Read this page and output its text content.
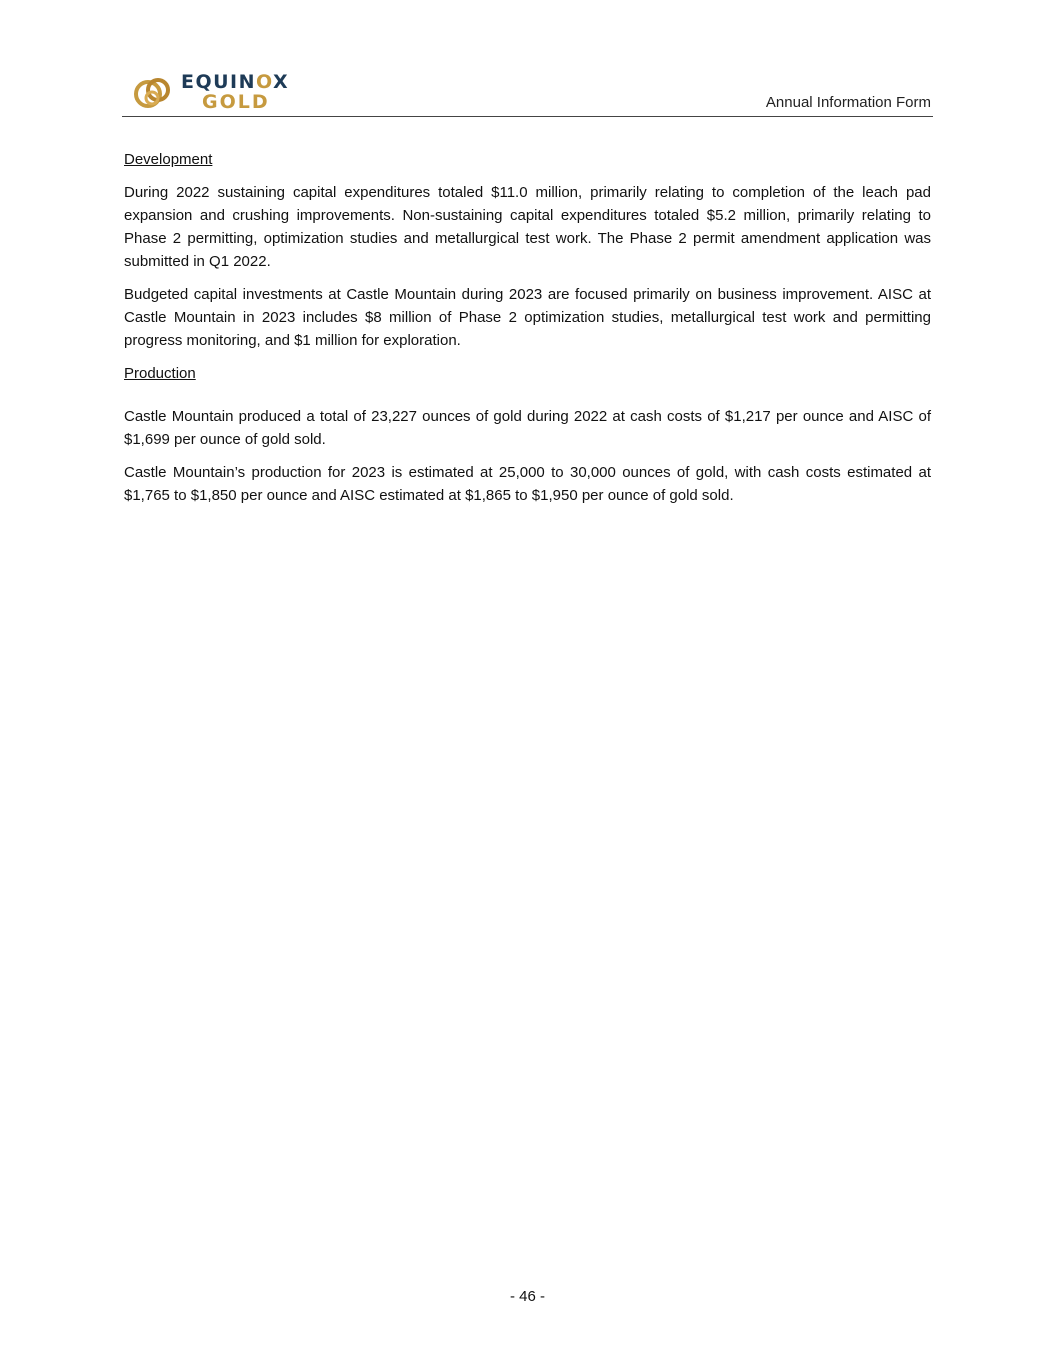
EQUINOX
GOLD	Annual Information Form
Development

During 2022 sustaining capital expenditures totaled $11.0 million, primarily relating to completion of the leach pad expansion and crushing improvements. Non-sustaining capital expenditures totaled $5.2 million, primarily relating to Phase 2 permitting, optimization studies and metallurgical test work. The Phase 2 permit amendment application was submitted in Q1 2022.

Budgeted capital investments at Castle Mountain during 2023 are focused primarily on business improvement. AISC at Castle Mountain in 2023 includes $8 million of Phase 2 optimization studies, metallurgical test work and permitting progress monitoring, and $1 million for exploration.

Production

Castle Mountain produced a total of 23,227 ounces of gold during 2022 at cash costs of $1,217 per ounce and AISC of $1,699 per ounce of gold sold.

Castle Mountain’s production for 2023 is estimated at 25,000 to 30,000 ounces of gold, with cash costs estimated at $1,765 to $1,850 per ounce and AISC estimated at $1,865 to $1,950 per ounce of gold sold.

- 46 -
